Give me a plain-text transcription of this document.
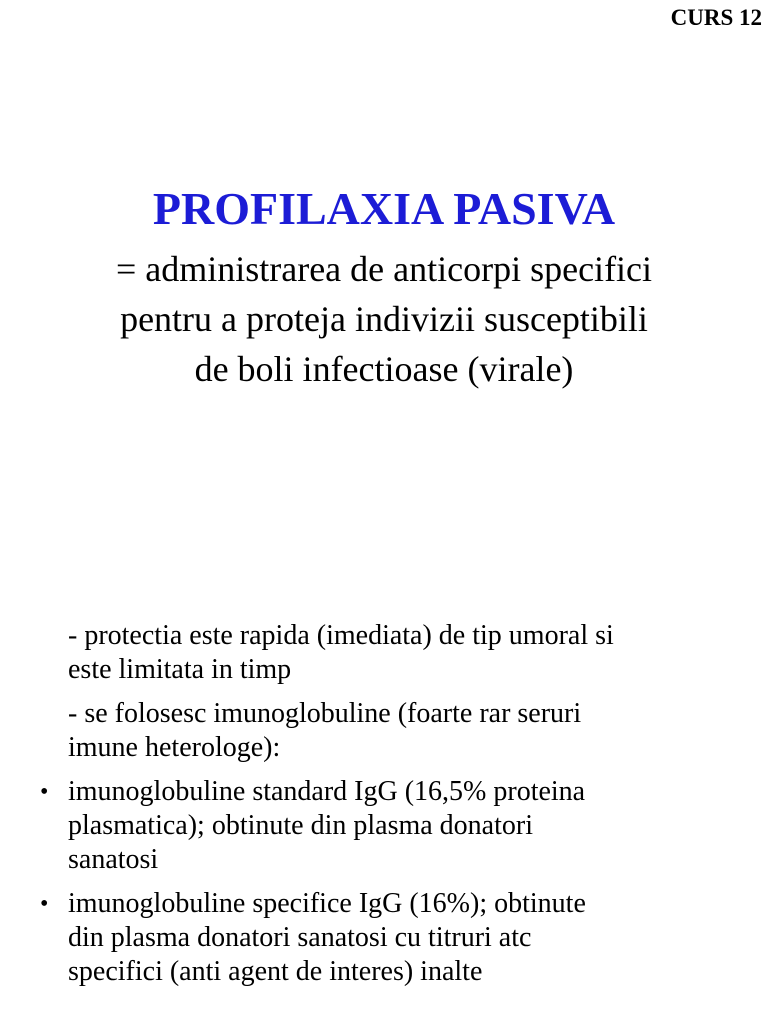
CURS 12
PROFILAXIA PASIVA
= administrarea de anticorpi specifici
pentru a proteja indivizii susceptibili
de boli infectioase (virale)
- protectia este rapida (imediata) de tip umoral si
este limitata in timp
- se folosesc imunoglobuline (foarte rar seruri
imune heterologe):
• imunoglobuline standard IgG (16,5% proteina
plasmatica); obtinute din plasma donatori
sanatosi
• imunoglobuline specifice IgG (16%); obtinute
din plasma donatori sanatosi cu titruri atc
specifici (anti agent de interes) inalte
